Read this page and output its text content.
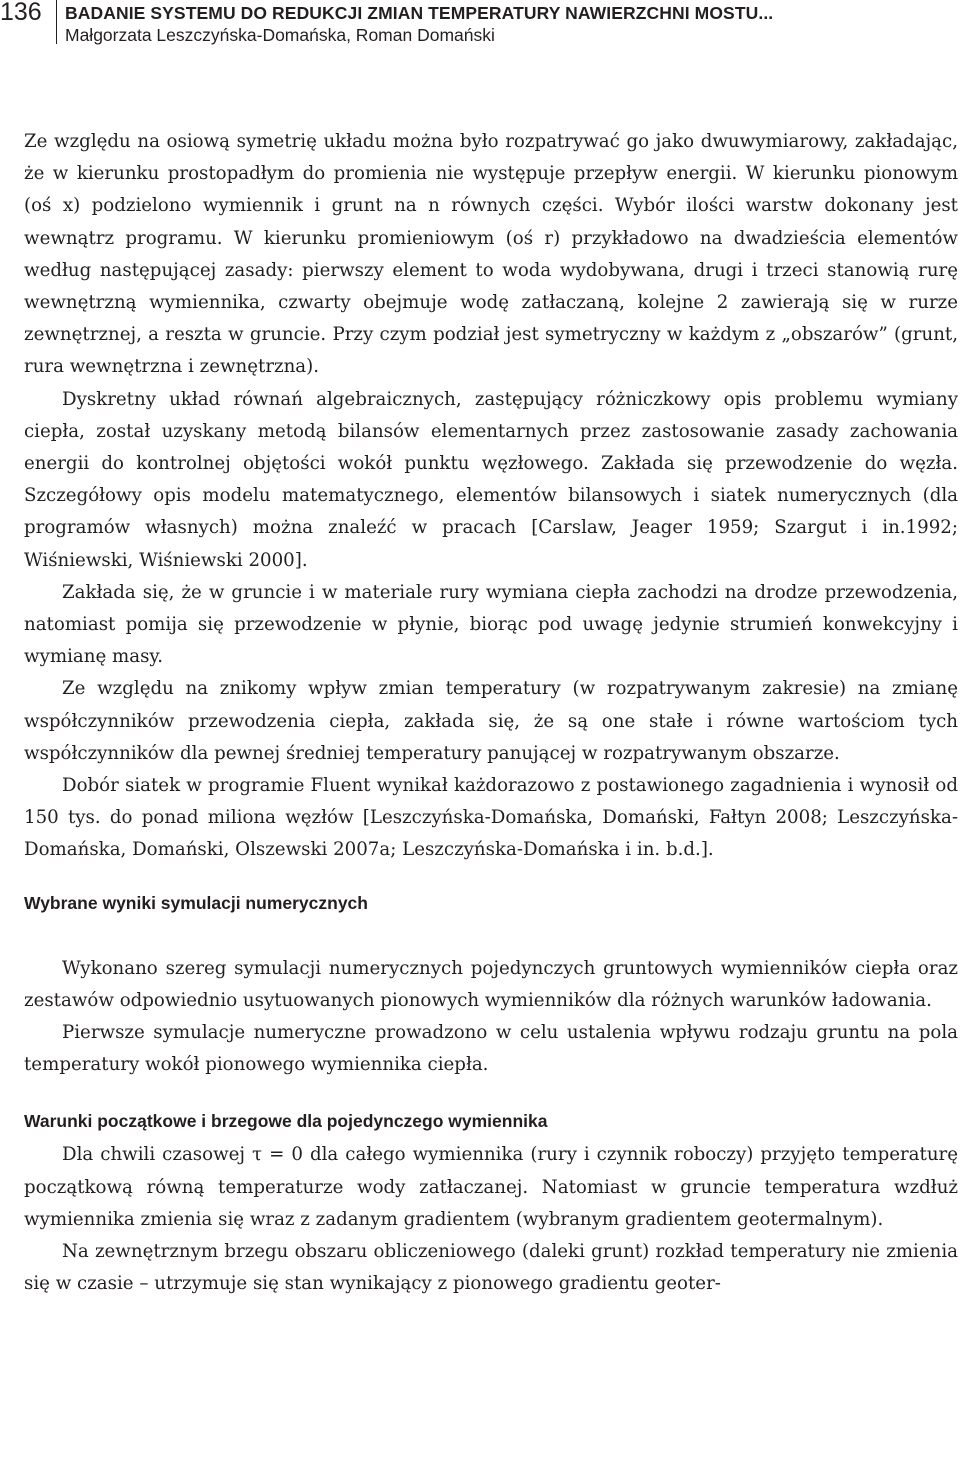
136 BADANIE SYSTEMU DO REDUKCJI ZMIAN TEMPERATURY NAWIERZCHNI MOSTU...
Małgorzata Leszczyńska-Domańska, Roman Domański

Ze względu na osiową symetrię układu można było rozpatrywać go jako dwuwymiarowy, zakładając, że w kierunku prostopadłym do promienia nie występuje przepływ energii. W kierunku pionowym (oś x) podzielono wymiennik i grunt na n równych części. Wybór ilości warstw dokonany jest wewnątrz programu. W kierunku promieniowym (oś r) przykładowo na dwadzieścia elementów według następującej zasady: pierwszy element to woda wydobywana, drugi i trzeci stanowią rurę wewnętrzną wymiennika, czwarty obejmuje wodę zatłaczaną, kolejne 2 zawierają się w rurze zewnętrznej, a reszta w gruncie. Przy czym podział jest symetryczny w każdym z „obszarów” (grunt, rura wewnętrzna i zewnętrzna).

Dyskretny układ równań algebraicznych, zastępujący różniczkowy opis problemu wymiany ciepła, został uzyskany metodą bilansów elementarnych przez zastosowanie zasady zachowania energii do kontrolnej objętości wokół punktu węzłowego. Zakłada się przewodzenie do węzła. Szczegółowy opis modelu matematycznego, elementów bilansowych i siatek numerycznych (dla programów własnych) można znaleźć w pracach [Carslaw, Jeager 1959; Szargut i in.1992; Wiśniewski, Wiśniewski 2000].

Zakłada się, że w gruncie i w materiale rury wymiana ciepła zachodzi na drodze przewodzenia, natomiast pomija się przewodzenie w płynie, biorąc pod uwagę jedynie strumień konwekcyjny i wymianę masy.

Ze względu na znikomy wpływ zmian temperatury (w rozpatrywanym zakresie) na zmianę współczynników przewodzenia ciepła, zakłada się, że są one stałe i równe wartościom tych współczynników dla pewnej średniej temperatury panującej w rozpatrywanym obszarze.

Dobór siatek w programie Fluent wynikał każdorazowo z postawionego zagadnienia i wynosił od 150 tys. do ponad miliona węzłów [Leszczyńska-Domańska, Domański, Fałtyn 2008; Leszczyńska-Domańska, Domański, Olszewski 2007a; Leszczyńska-Domańska i in. b.d.].

Wybrane wyniki symulacji numerycznych

Wykonano szereg symulacji numerycznych pojedynczych gruntowych wymienników ciepła oraz zestawów odpowiednio usytuowanych pionowych wymienników dla różnych warunków ładowania.

Pierwsze symulacje numeryczne prowadzono w celu ustalenia wpływu rodzaju gruntu na pola temperatury wokół pionowego wymiennika ciepła.

Warunki początkowe i brzegowe dla pojedynczego wymiennika

Dla chwili czasowej τ = 0 dla całego wymiennika (rury i czynnik roboczy) przyjęto temperaturę początkową równą temperaturze wody zatłaczanej. Natomiast w gruncie temperatura wzdłuż wymiennika zmienia się wraz z zadanym gradientem (wybranym gradientem geotermalnym).

Na zewnętrznym brzegu obszaru obliczeniowego (daleki grunt) rozkład temperatury nie zmienia się w czasie – utrzymuje się stan wynikający z pionowego gradientu geoter-
